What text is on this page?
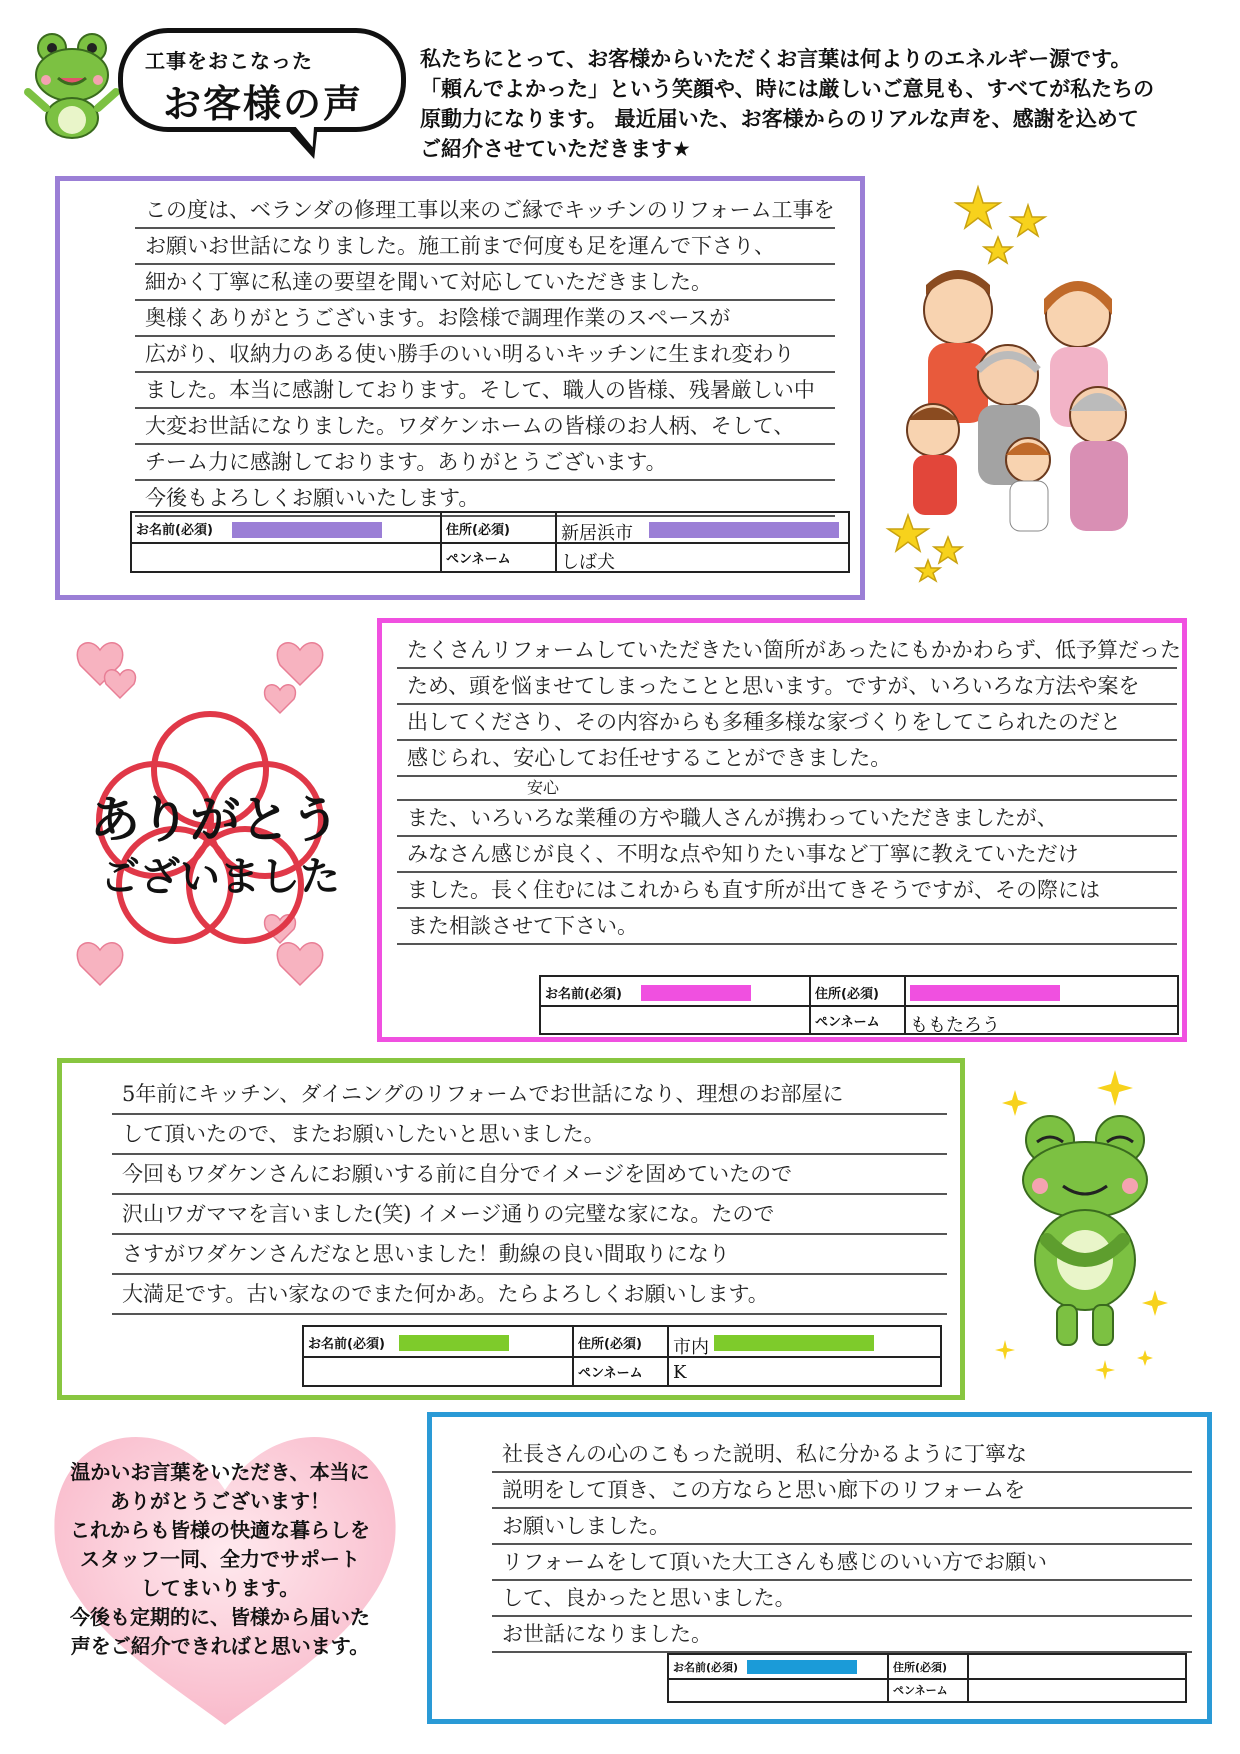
工事をおこなった
お客様の声
私たちにとって、お客様からいただくお言葉は何よりのエネルギー源です。
「頼んでよかった」という笑顔や、時には厳しいご意見も、すべてが私たちの
原動力になります。 最近届いた、お客様からのリアルな声を、感謝を込めて
ご紹介させていただきます★
この度は、ベランダの修理工事以来のご縁でキッチンのリフォーム工事を
お願いお世話になりました。施工前まで何度も足を運んで下さり、
細かく丁寧に私達の要望を聞いて対応していただきました。
奥様くありがとうございます。お陰様で調理作業のスペースが
広がり、収納力のある使い勝手のいい明るいキッチンに生まれ変わり
ました。本当に感謝しております。そして、職人の皆様、残暑厳しい中
大変お世話になりました。ワダケンホームの皆様のお人柄、そして、
チーム力に感謝しております。ありがとうございます。
今後もよろしくお願いいたします。
お名前(必須)	住所(必須)	新居浜市
ペンネーム	しば犬
ありがとう
ございました
たくさんリフォームしていただきたい箇所があったにもかかわらず、低予算だった
ため、頭を悩ませてしまったことと思います。ですが、いろいろな方法や案を
出してくださり、その内容からも多種多様な家づくりをしてこられたのだと
感じられ、安心してお任せすることができました。
安心
また、いろいろな業種の方や職人さんが携わっていただきましたが、
みなさん感じが良く、不明な点や知りたい事など丁寧に教えていただけ
ました。長く住むにはこれからも直す所が出てきそうですが、その際には
また相談させて下さい。
お名前(必須)	住所(必須)
ペンネーム	ももたろう
5年前にキッチン、ダイニングのリフォームでお世話になり、理想のお部屋に
して頂いたので、またお願いしたいと思いました。
今回もワダケンさんにお願いする前に自分でイメージを固めていたので
沢山ワガママを言いました(笑) イメージ通りの完璧な家にな。たので
さすがワダケンさんだなと思いました！動線の良い間取りになり
大満足です。古い家なのでまた何かあ。たらよろしくお願いします。
お名前(必須)	住所(必須)	市内
ペンネーム	K
温かいお言葉をいただき、本当に
ありがとうございます！
これからも皆様の快適な暮らしを
スタッフ一同、全力でサポート
してまいります。
今後も定期的に、皆様から届いた
声をご紹介できればと思います。
社長さんの心のこもった説明、私に分かるように丁寧な
説明をして頂き、この方ならと思い廊下のリフォームを
お願いしました。
リフォームをして頂いた大工さんも感じのいい方でお願い
して、良かったと思いました。
お世話になりました。
お名前(必須)	住所(必須)
ペンネーム
